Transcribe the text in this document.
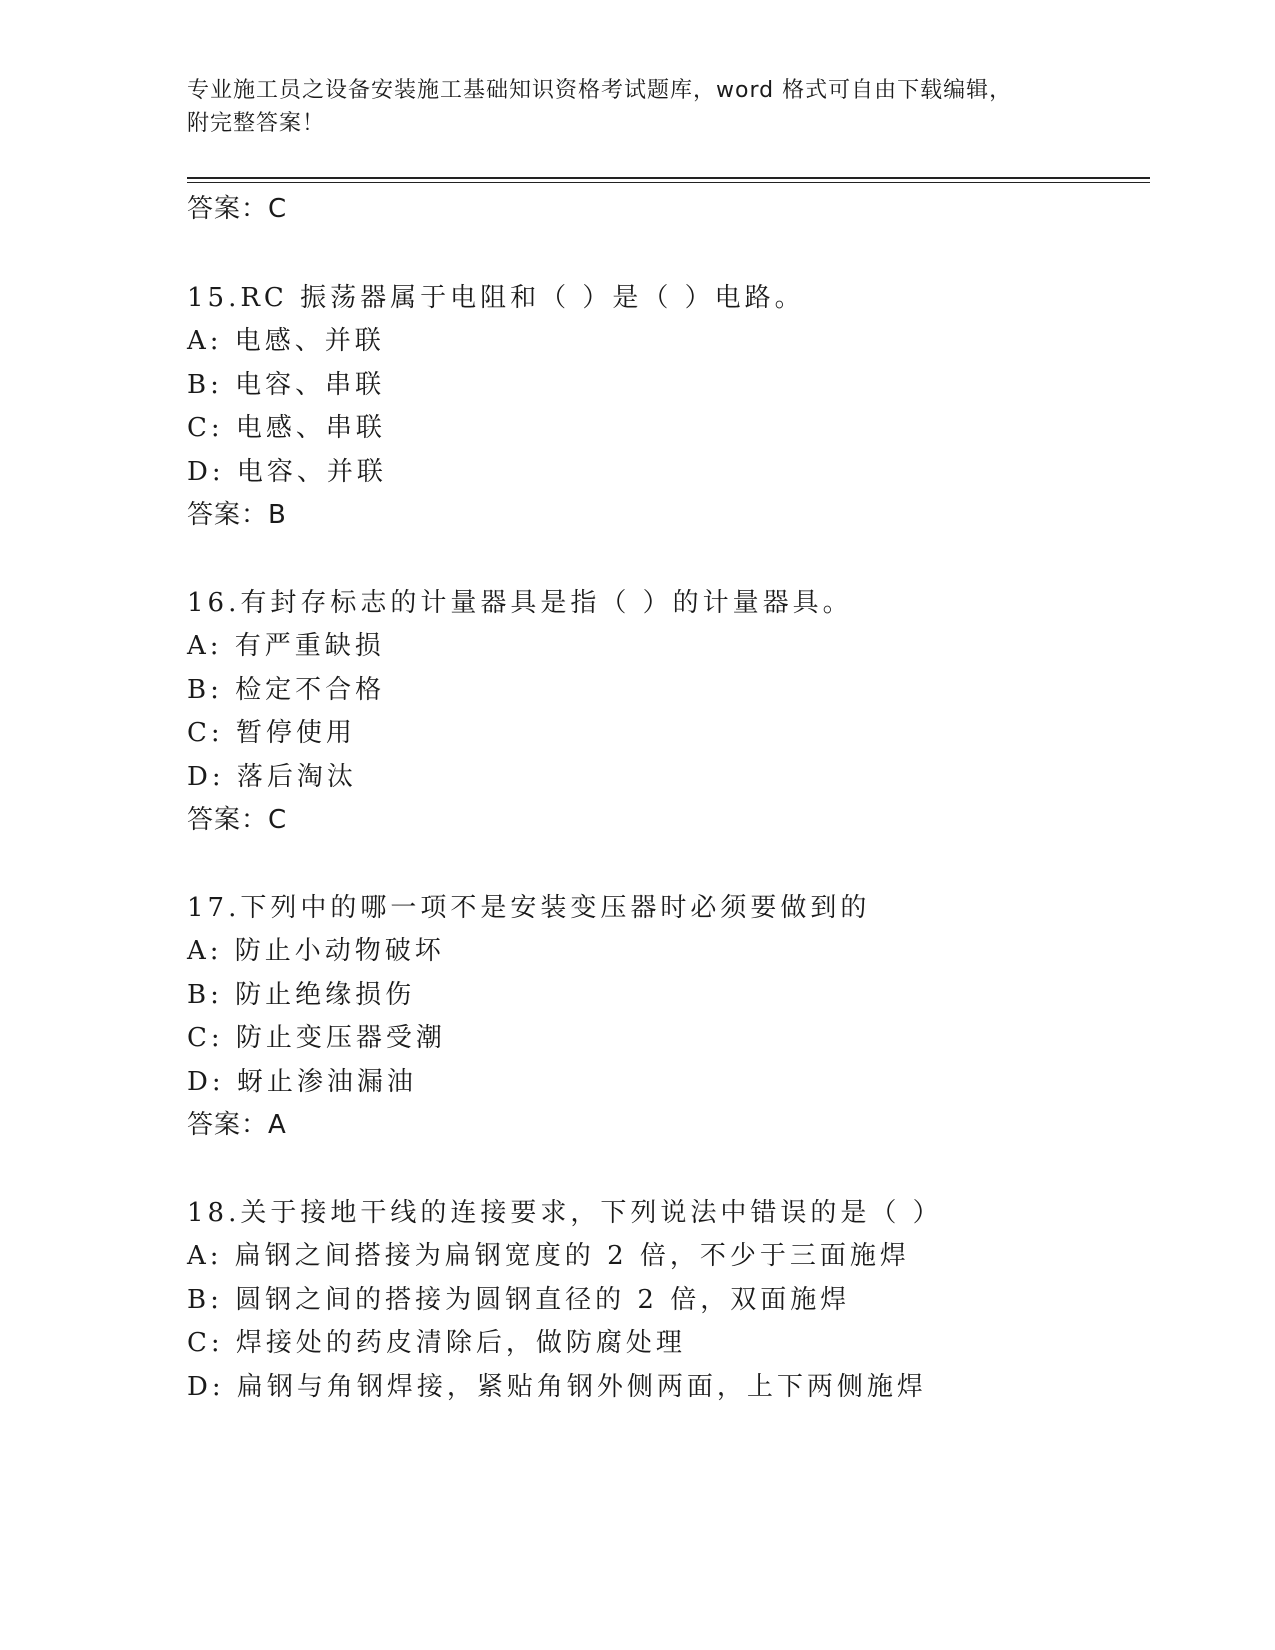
专业施工员之设备安装施工基础知识资格考试题库，word 格式可自由下载编辑，
附完整答案！
答案：C
15.RC 振荡器属于电阻和（ ）是（ ）电路。
A: 电感、并联
B: 电容、串联
C: 电感、串联
D: 电容、并联
答案：B
16.有封存标志的计量器具是指（ ）的计量器具。
A: 有严重缺损
B: 检定不合格
C: 暂停使用
D: 落后淘汰
答案：C
17.下列中的哪一项不是安装变压器时必须要做到的
A: 防止小动物破坏
B: 防止绝缘损伤
C: 防止变压器受潮
D: 蚜止渗油漏油
答案：A
18.关于接地干线的连接要求，下列说法中错误的是（ ）
A: 扁钢之间搭接为扁钢宽度的 2 倍，不少于三面施焊
B: 圆钢之间的搭接为圆钢直径的 2 倍，双面施焊
C: 焊接处的药皮清除后，做防腐处理
D: 扁钢与角钢焊接，紧贴角钢外侧两面，上下两侧施焊
